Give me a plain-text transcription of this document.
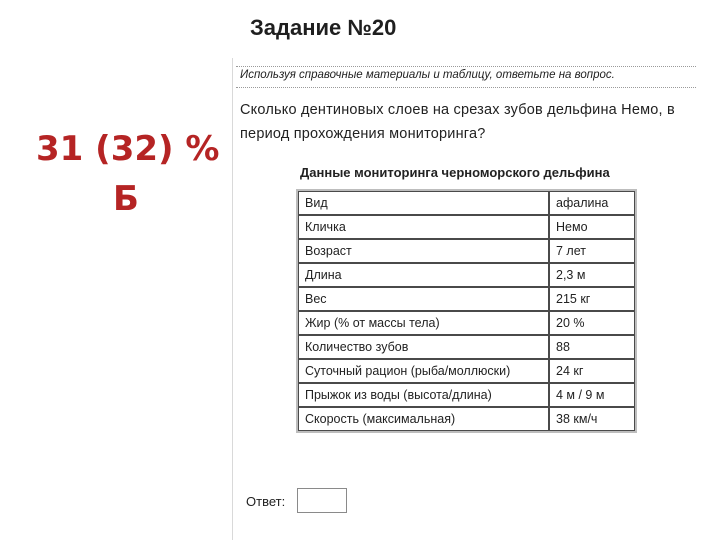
31 (32) %
Б
Задание №20
Используя справочные материалы и таблицу, ответьте на вопрос.
Сколько дентиновых слоев на срезах зубов дельфина Немо, в период прохождения мониторинга?
Данные мониторинга черноморского дельфина
Вид	афалина
Кличка	Немо
Возраст	7 лет
Длина	2,3 м
Вес	215 кг
Жир (% от массы тела)	20 %
Количество зубов	88
Суточный рацион (рыба/моллюски)	24 кг
Прыжок из воды (высота/длина)	4 м / 9 м
Скорость (максимальная)	38 км/ч
Ответ:
